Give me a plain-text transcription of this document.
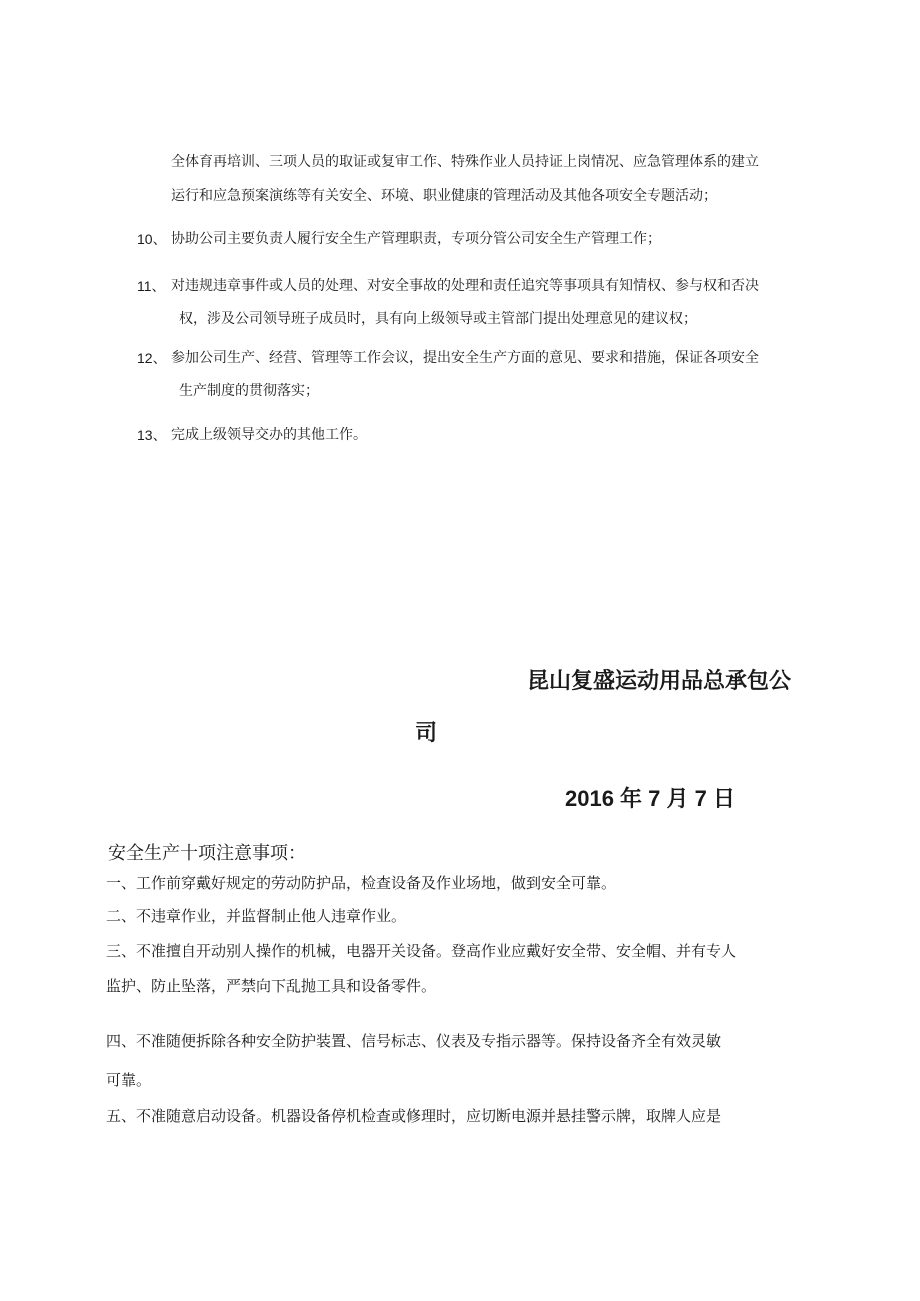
全体育再培训、三项人员的取证或复审工作、特殊作业人员持证上岗情况、应急管理体系的建立
运行和应急预案演练等有关安全、环境、职业健康的管理活动及其他各项安全专题活动；
10、 协助公司主要负责人履行安全生产管理职责，专项分管公司安全生产管理工作；
11、 对违规违章事件或人员的处理、对安全事故的处理和责任追究等事项具有知情权、参与权和否决
权，涉及公司领导班子成员时，具有向上级领导或主管部门提出处理意见的建议权；
12、 参加公司生产、经营、管理等工作会议，提出安全生产方面的意见、要求和措施，保证各项安全
生产制度的贯彻落实；
13、 完成上级领导交办的其他工作。
昆山复盛运动用品总承包公
司
2016 年 7 月 7 日
安全生产十项注意事项：
一、工作前穿戴好规定的劳动防护品，检查设备及作业场地，做到安全可靠。
二、不违章作业，并监督制止他人违章作业。
三、不准擅自开动别人操作的机械，电器开关设备。登高作业应戴好安全带、安全帽、并有专人
监护、防止坠落，严禁向下乱抛工具和设备零件。
四、不准随便拆除各种安全防护装置、信号标志、仪表及专指示器等。保持设备齐全有效灵敏
可靠。
五、不准随意启动设备。机器设备停机检查或修理时，应切断电源并悬挂警示牌，取牌人应是
